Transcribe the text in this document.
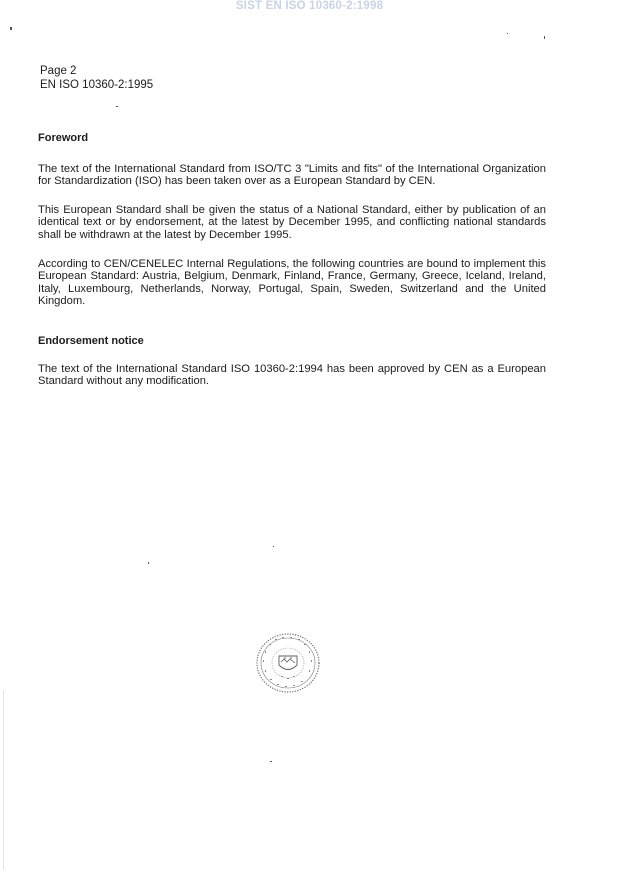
SIST EN ISO 10360-2:1998
Page 2
EN ISO 10360-2:1995
Foreword

The text of the International Standard from ISO/TC 3 "Limits and fits" of the International Organization for Standardization (ISO) has been taken over as a European Standard by CEN.

This European Standard shall be given the status of a National Standard, either by publication of an identical text or by endorsement, at the latest by December 1995, and conflicting national standards shall be withdrawn at the latest by December 1995.

According to CEN/CENELEC Internal Regulations, the following countries are bound to implement this European Standard: Austria, Belgium, Denmark, Finland, France, Germany, Greece, Iceland, Ireland, Italy, Luxembourg, Netherlands, Norway, Portugal, Spain, Sweden, Switzerland and the United Kingdom.

Endorsement notice

The text of the International Standard ISO 10360-2:1994 has been approved by CEN as a European Standard without any modification.
